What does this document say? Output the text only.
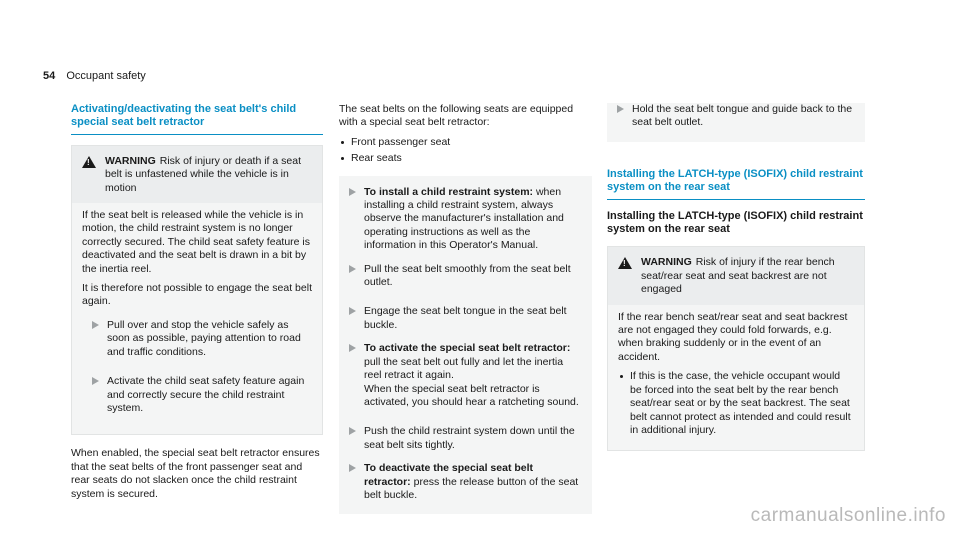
54 Occupant safety
Activating/deactivating the seat belt's child special seat belt retractor
! WARNING Risk of injury or death if a seat belt is unfastened while the vehicle is in motion

If the seat belt is released while the vehicle is in motion, the child restraint system is no longer correctly secured. The child seat safety feature is deactivated and the seat belt is drawn in a bit by the inertia reel.

It is therefore not possible to engage the seat belt again.

Pull over and stop the vehicle safely as soon as possible, paying attention to road and traffic conditions.
Activate the child seat safety feature again and correctly secure the child restraint system.

When enabled, the special seat belt retractor ensures that the seat belts of the front passenger seat and rear seats do not slacken once the child restraint system is secured.

The seat belts on the following seats are equipped with a special seat belt retractor:

Front passenger seat
Rear seats
To install a child restraint system: when installing a child restraint system, always observe the manufacturer's installation and operating instructions as well as the information in this Operator's Manual.
Pull the seat belt smoothly from the seat belt outlet.
Engage the seat belt tongue in the seat belt buckle.
To activate the special seat belt retractor: pull the seat belt out fully and let the inertia reel retract it again.
When the special seat belt retractor is activated, you should hear a ratcheting sound.
Push the child restraint system down until the seat belt sits tightly.
To deactivate the special seat belt retractor: press the release button of the seat belt buckle.
Hold the seat belt tongue and guide back to the seat belt outlet.
Installing the LATCH-type (ISOFIX) child restraint system on the rear seat
Installing the LATCH-type (ISOFIX) child restraint system on the rear seat
! WARNING Risk of injury if the rear bench seat/rear seat and seat backrest are not engaged

If the rear bench seat/rear seat and seat backrest are not engaged they could fold forwards, e.g. when braking suddenly or in the event of an accident.

If this is the case, the vehicle occupant would be forced into the seat belt by the rear bench seat/rear seat or by the seat backrest. The seat belt cannot protect as intended and could result in additional injury.
carmanualsonline.info
